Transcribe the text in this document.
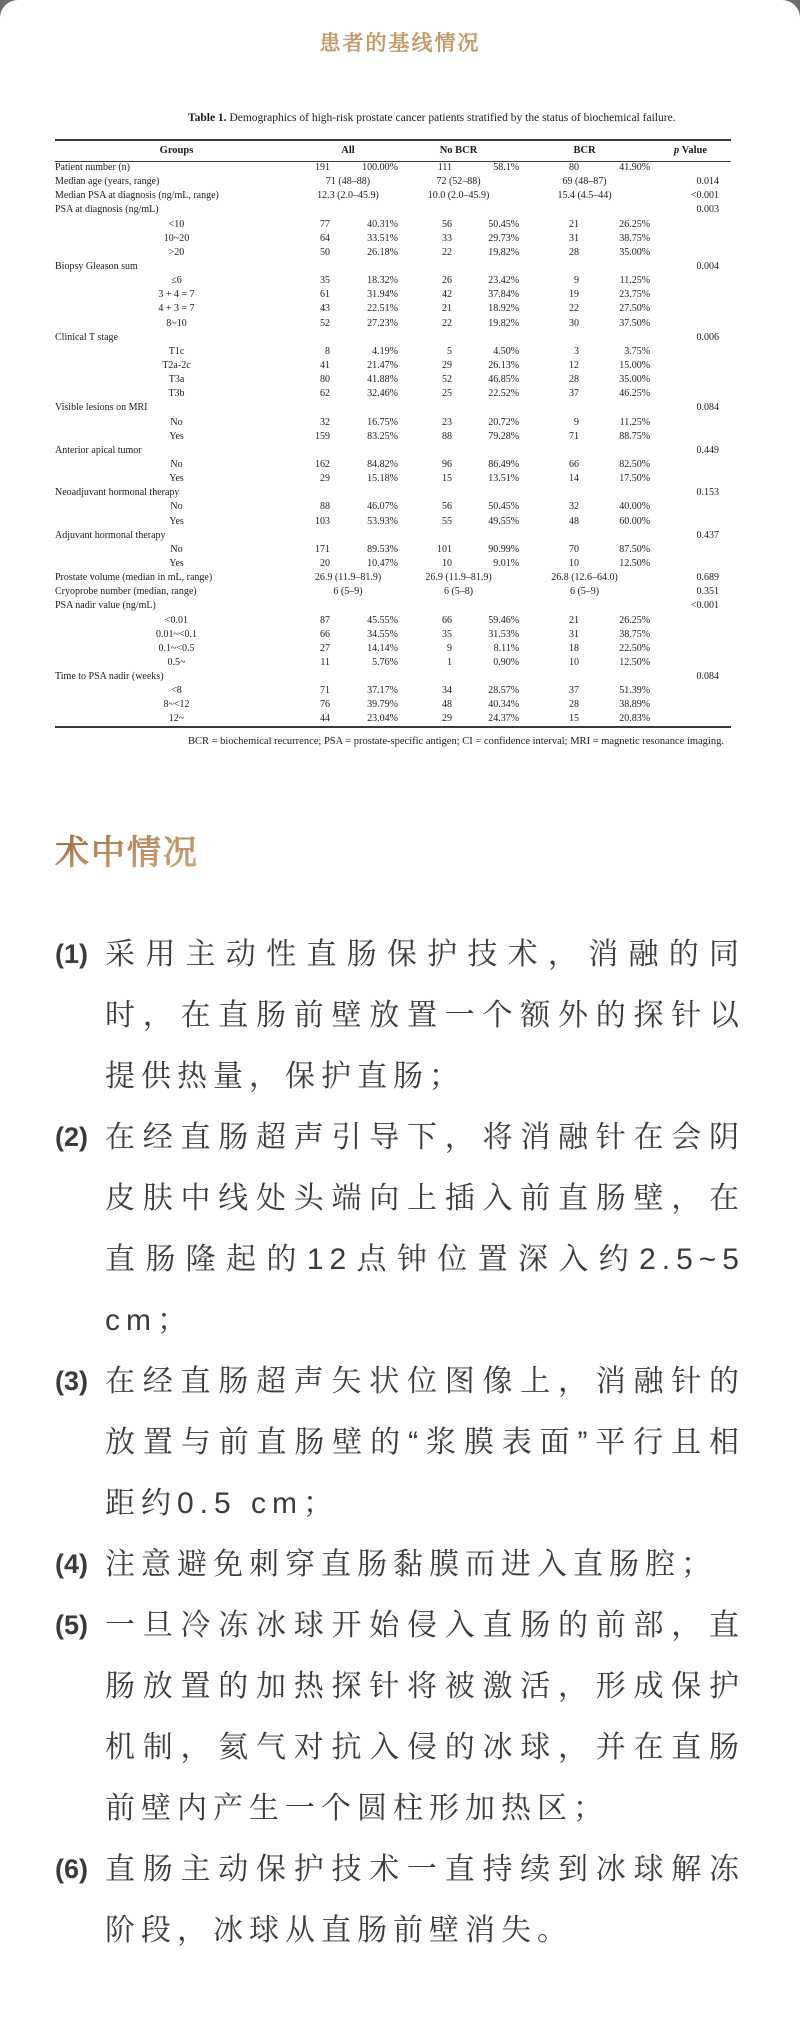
患者的基线情况
Table 1. Demographics of high-risk prostate cancer patients stratified by the status of biochemical failure.
Groups	All		No BCR		BCR		p Value
Patient number (n)	191	100.00%	111	58.1%	80	41.90%	
Median age (years, range)	71 (48–88)		72 (52–88)		69 (48–87)		0.014
Median PSA at diagnosis (ng/mL, range)	12.3 (2.0–45.9)		10.0 (2.0–45.9)		15.4 (4.5–44)		<0.001
PSA at diagnosis (ng/mL)							0.003
<10	77	40.31%	56	50.45%	21	26.25%	
10~20	64	33.51%	33	29.73%	31	38.75%	
>20	50	26.18%	22	19.82%	28	35.00%	
Biopsy Gleason sum							0.004
≤6	35	18.32%	26	23.42%	9	11.25%	
3 + 4 = 7	61	31.94%	42	37.84%	19	23.75%	
4 + 3 = 7	43	22.51%	21	18.92%	22	27.50%	
8~10	52	27.23%	22	19.82%	30	37.50%	
Clinical T stage							0.006
T1c	8	4.19%	5	4.50%	3	3.75%	
T2a-2c	41	21.47%	29	26.13%	12	15.00%	
T3a	80	41.88%	52	46.85%	28	35.00%	
T3b	62	32.46%	25	22.52%	37	46.25%	
Visible lesions on MRI							0.084
No	32	16.75%	23	20.72%	9	11.25%	
Yes	159	83.25%	88	79.28%	71	88.75%	
Anterior apical tumor							0.449
No	162	84.82%	96	86.49%	66	82.50%	
Yes	29	15.18%	15	13.51%	14	17.50%	
Neoadjuvant hormonal therapy							0.153
No	88	46.07%	56	50.45%	32	40.00%	
Yes	103	53.93%	55	49.55%	48	60.00%	
Adjuvant hormonal therapy							0.437
No	171	89.53%	101	90.99%	70	87.50%	
Yes	20	10.47%	10	9.01%	10	12.50%	
Prostate volume (median in mL, range)	26.9 (11.9–81.9)		26.9 (11.9–81.9)		26.8 (12.6–64.0)		0.689
Cryoprobe number (median, range)	6 (5–9)		6 (5–8)		6 (5–9)		0.351
PSA nadir value (ng/mL)							<0.001
<0.01	87	45.55%	66	59.46%	21	26.25%	
0.01~<0.1	66	34.55%	35	31.53%	31	38.75%	
0.1~<0.5	27	14.14%	9	8.11%	18	22.50%	
0.5~	11	5.76%	1	0.90%	10	12.50%	
Time to PSA nadir (weeks)							0.084
<8	71	37.17%	34	28.57%	37	51.39%	
8~<12	76	39.79%	48	40.34%	28	38.89%	
12~	44	23.04%	29	24.37%	15	20.83%	
BCR = biochemical recurrence; PSA = prostate-specific antigen; CI = confidence interval; MRI = magnetic resonance imaging.
术中情况
(1) 采用主动性直肠保护技术，消融的同时，在直肠前壁放置一个额外的探针以提供热量，保护直肠；
(2) 在经直肠超声引导下，将消融针在会阴皮肤中线处头端向上插入前直肠壁，在直肠隆起的12点钟位置深入约2.5~5 cm；
(3) 在经直肠超声矢状位图像上，消融针的放置与前直肠壁的“浆膜表面”平行且相距约0.5 cm；
(4) 注意避免刺穿直肠黏膜而进入直肠腔；
(5) 一旦冷冻冰球开始侵入直肠的前部，直肠放置的加热探针将被激活，形成保护机制，氦气对抗入侵的冰球，并在直肠前壁内产生一个圆柱形加热区；
(6) 直肠主动保护技术一直持续到冰球解冻阶段，冰球从直肠前壁消失。
